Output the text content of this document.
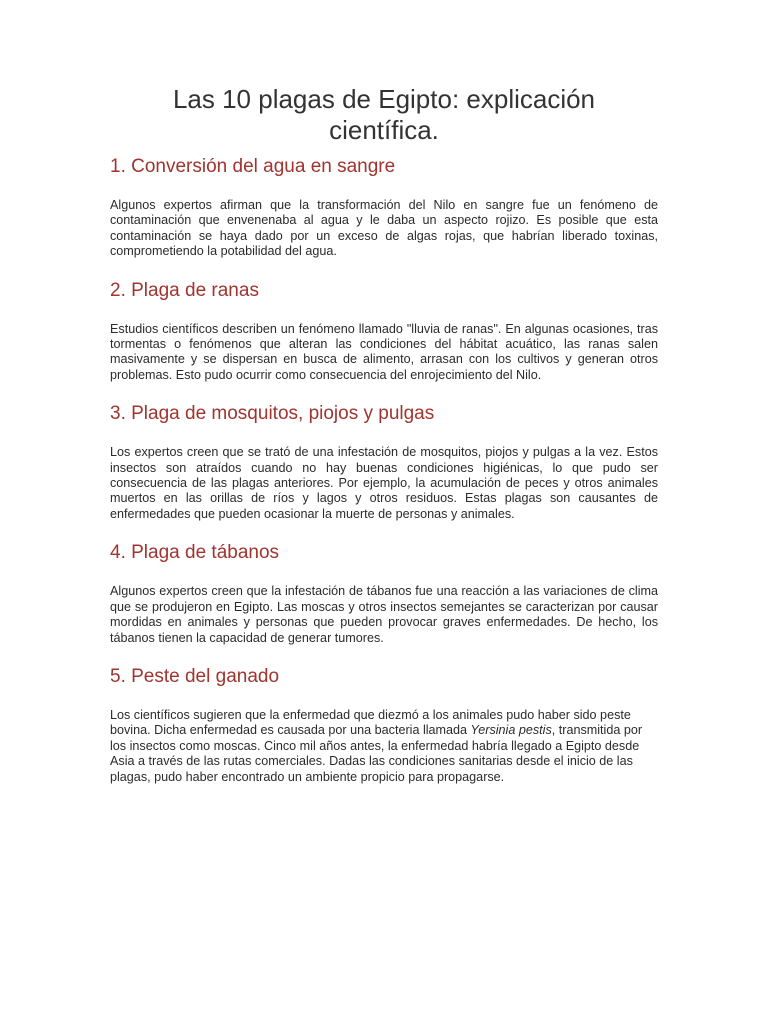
Las 10 plagas de Egipto: explicación científica.
1. Conversión del agua en sangre

Algunos expertos afirman que la transformación del Nilo en sangre fue un fenómeno de contaminación que envenenaba al agua y le daba un aspecto rojizo. Es posible que esta contaminación se haya dado por un exceso de algas rojas, que habrían liberado toxinas, comprometiendo la potabilidad del agua.

2. Plaga de ranas

Estudios científicos describen un fenómeno llamado "lluvia de ranas". En algunas ocasiones, tras tormentas o fenómenos que alteran las condiciones del hábitat acuático, las ranas salen masivamente y se dispersan en busca de alimento, arrasan con los cultivos y generan otros problemas. Esto pudo ocurrir como consecuencia del enrojecimiento del Nilo.

3. Plaga de mosquitos, piojos y pulgas

Los expertos creen que se trató de una infestación de mosquitos, piojos y pulgas a la vez. Estos insectos son atraídos cuando no hay buenas condiciones higiénicas, lo que pudo ser consecuencia de las plagas anteriores. Por ejemplo, la acumulación de peces y otros animales muertos en las orillas de ríos y lagos y otros residuos. Estas plagas son causantes de enfermedades que pueden ocasionar la muerte de personas y animales.

4. Plaga de tábanos

Algunos expertos creen que la infestación de tábanos fue una reacción a las variaciones de clima que se produjeron en Egipto. Las moscas y otros insectos semejantes se caracterizan por causar mordidas en animales y personas que pueden provocar graves enfermedades. De hecho, los tábanos tienen la capacidad de generar tumores.

5. Peste del ganado

Los científicos sugieren que la enfermedad que diezmó a los animales pudo haber sido peste bovina. Dicha enfermedad es causada por una bacteria llamada Yersinia pestis, transmitida por los insectos como moscas. Cinco mil años antes, la enfermedad habría llegado a Egipto desde Asia a través de las rutas comerciales. Dadas las condiciones sanitarias desde el inicio de las plagas, pudo haber encontrado un ambiente propicio para propagarse.
